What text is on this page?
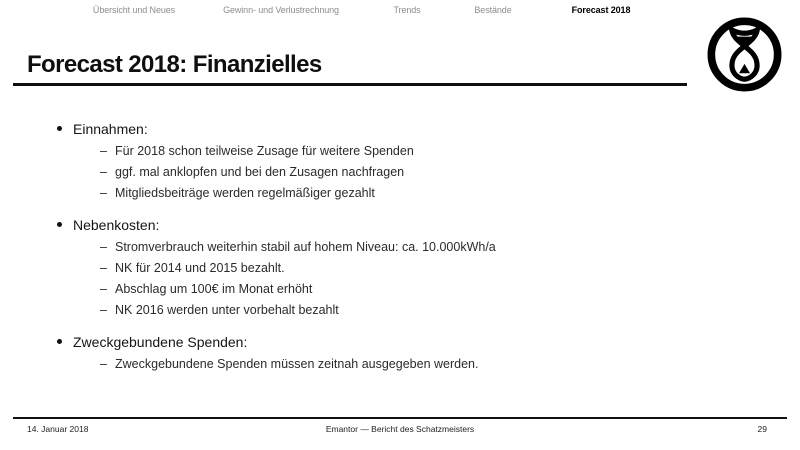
Übersicht und Neues	Gewinn- und Verlustrechnung	Trends	Bestände	Forecast 2018
Forecast 2018: Finanzielles
Einnahmen:
– Für 2018 schon teilweise Zusage für weitere Spenden
– ggf. mal anklopfen und bei den Zusagen nachfragen
– Mitgliedsbeiträge werden regelmäßiger gezahlt
Nebenkosten:
– Stromverbrauch weiterhin stabil auf hohem Niveau: ca. 10.000kWh/a
– NK für 2014 und 2015 bezahlt.
– Abschlag um 100€ im Monat erhöht
– NK 2016 werden unter vorbehalt bezahlt
Zweckgebundene Spenden:
– Zweckgebundene Spenden müssen zeitnah ausgegeben werden.
Emantor — Bericht des Schatzmeisters
14. Januar 2018	29
